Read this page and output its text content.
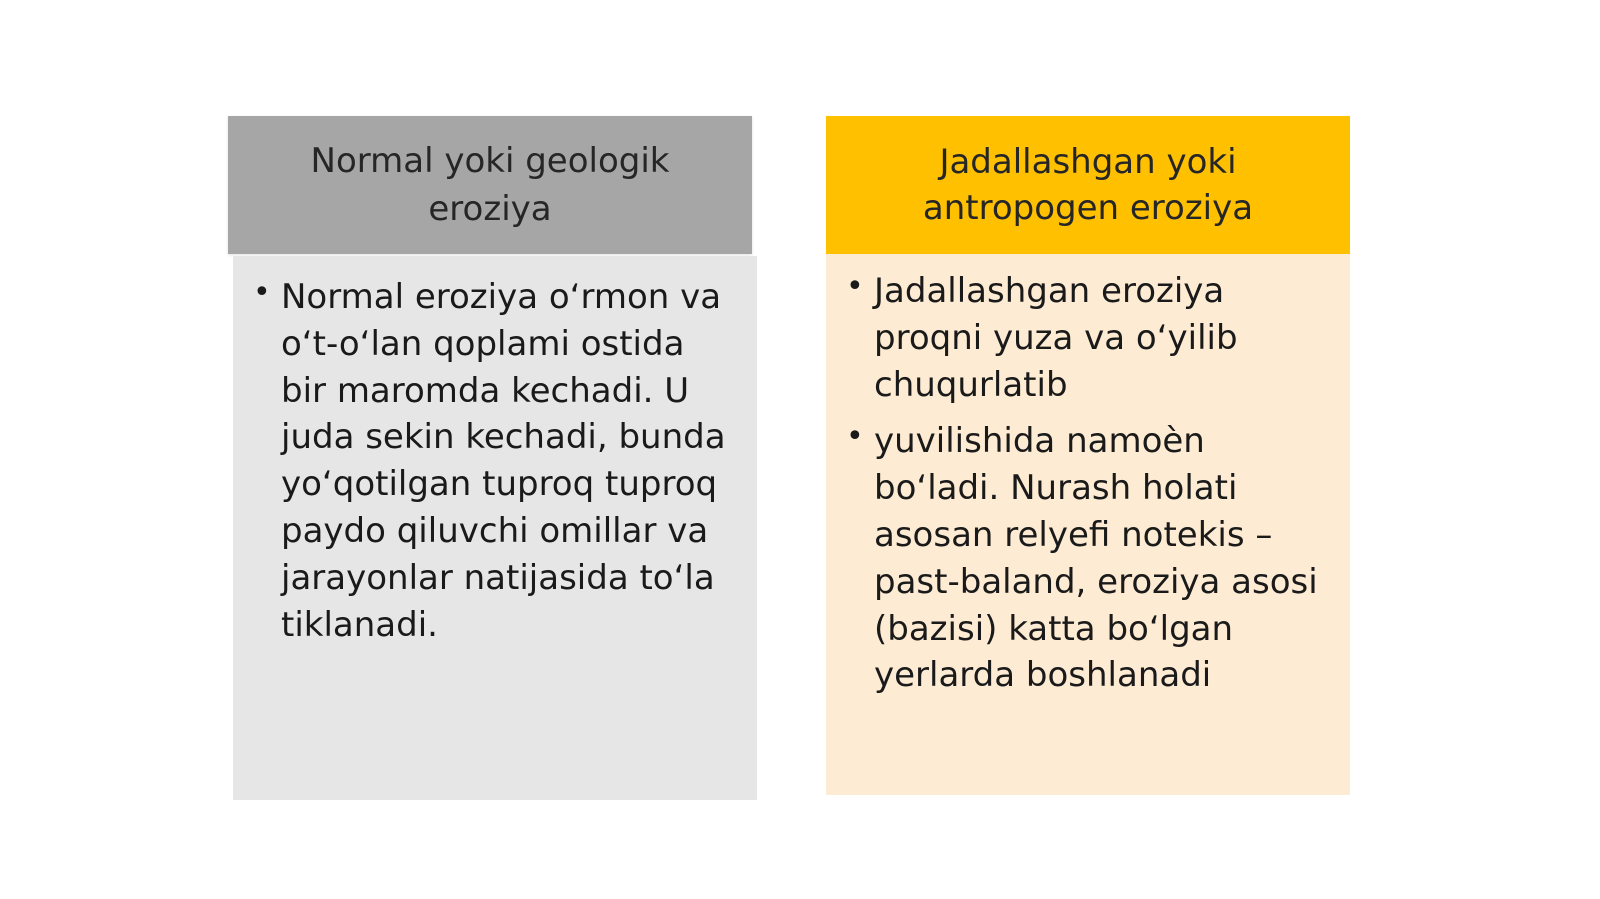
Normal yoki geologik eroziya
• Normal eroziya o‘rmon va o‘t-o‘lan qoplami ostida bir maromda kechadi. U juda sekin kechadi, bunda yo‘qotilgan tuproq tuproq paydo qiluvchi omillar va jarayonlar natijasida to‘la tiklanadi.
Jadallashgan yoki antropogen eroziya
• Jadallashgan eroziya proqni yuza va o‘yilib chuqurlatib
• yuvilishida namoèn bo‘ladi. Nurash holati asosan relyefi notekis – past-baland, eroziya asosi (bazisi) katta bo‘lgan yerlarda boshlanadi
